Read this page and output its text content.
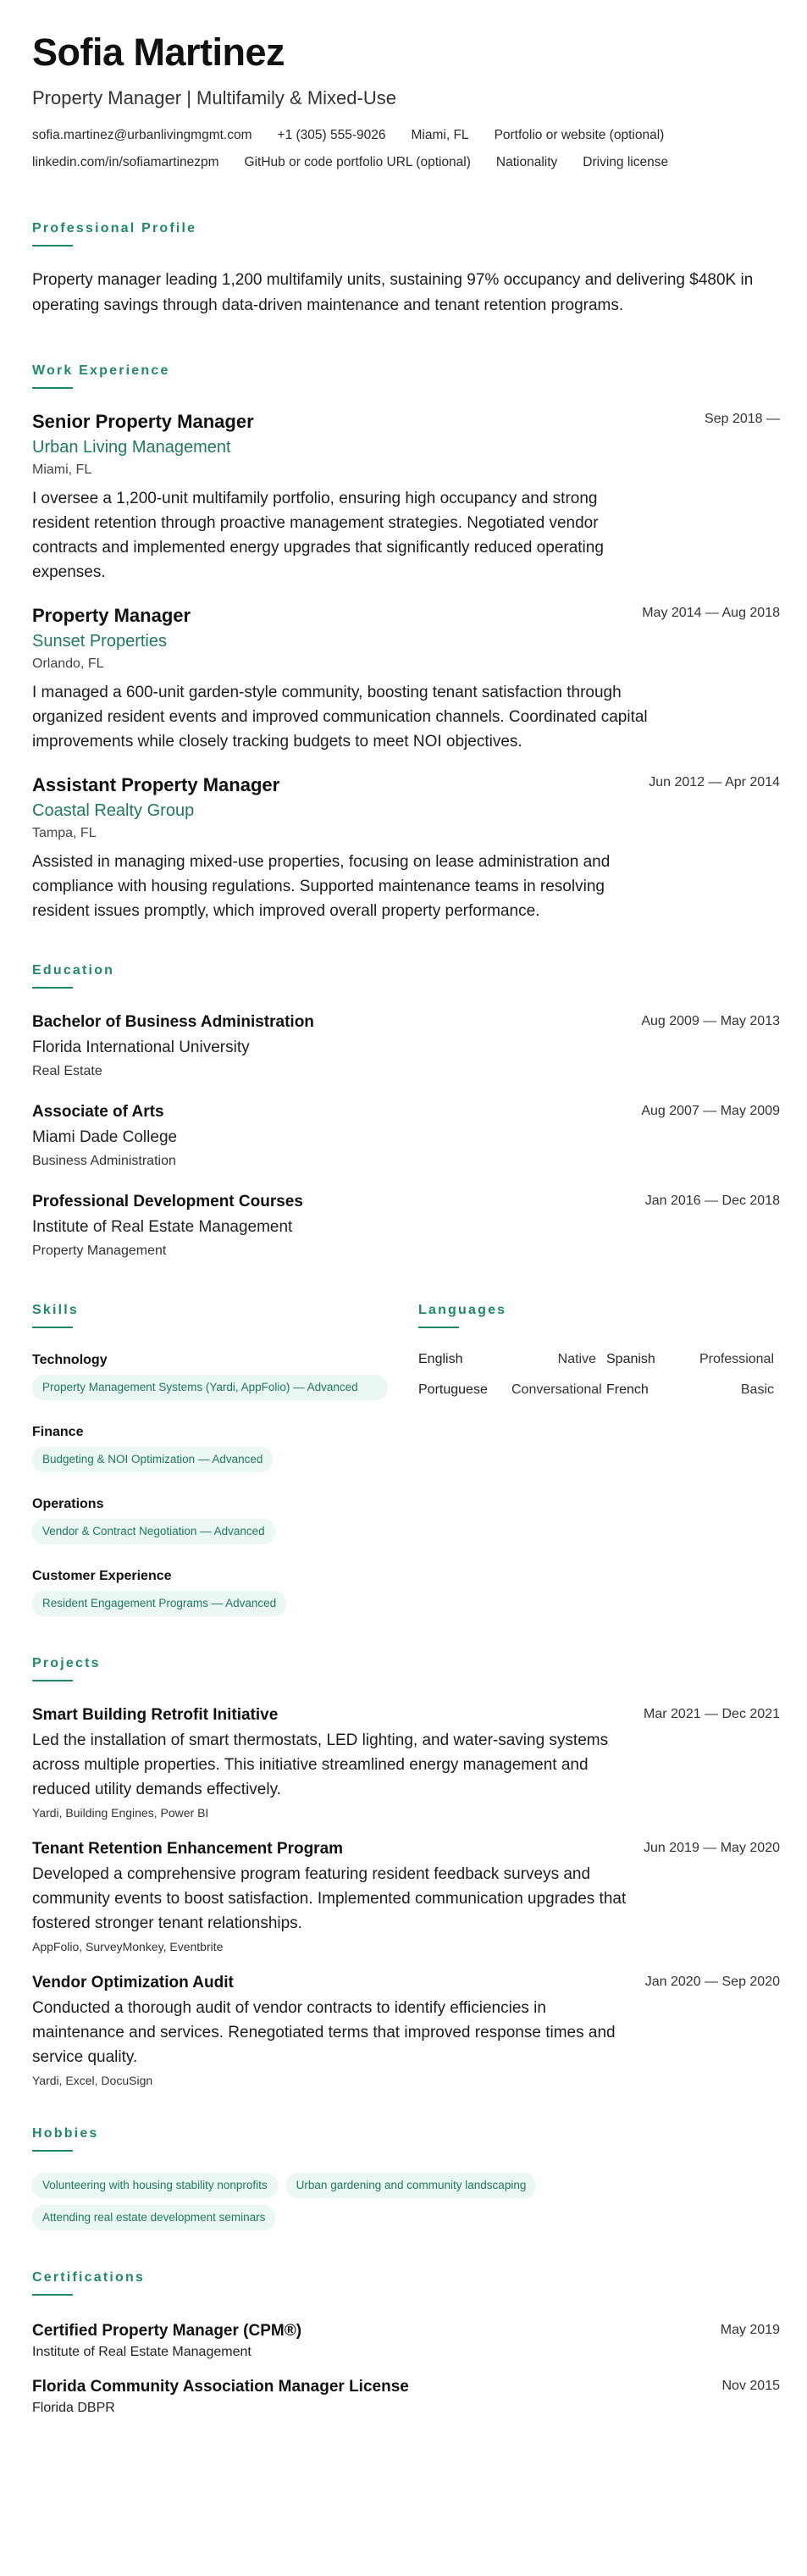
Sofia Martinez
Property Manager | Multifamily & Mixed-Use
sofia.martinez@urbanlivingmgmt.com +1 (305) 555-9026 Miami, FL Portfolio or website (optional)
linkedin.com/in/sofiamartinezpm GitHub or code portfolio URL (optional) Nationality Driving license
Professional Profile

Property manager leading 1,200 multifamily units, sustaining 97% occupancy and delivering $480K in operating savings through data-driven maintenance and tenant retention programs.

Work Experience
Sep 2018 —
Senior Property Manager
Urban Living Management
Miami, FL

I oversee a 1,200-unit multifamily portfolio, ensuring high occupancy and strong resident retention through proactive management strategies. Negotiated vendor contracts and implemented energy upgrades that significantly reduced operating expenses.

May 2014 — Aug 2018
Property Manager
Sunset Properties
Orlando, FL

I managed a 600-unit garden-style community, boosting tenant satisfaction through organized resident events and improved communication channels. Coordinated capital improvements while closely tracking budgets to meet NOI objectives.

Jun 2012 — Apr 2014
Assistant Property Manager
Coastal Realty Group
Tampa, FL

Assisted in managing mixed-use properties, focusing on lease administration and compliance with housing regulations. Supported maintenance teams in resolving resident issues promptly, which improved overall property performance.

Education
Aug 2009 — May 2013
Bachelor of Business Administration
Florida International University
Real Estate
Aug 2007 — May 2009
Associate of Arts
Miami Dade College
Business Administration
Jan 2016 — Dec 2018
Professional Development Courses
Institute of Real Estate Management
Property Management
Skills
Technology
Property Management Systems (Yardi, AppFolio) — Advanced
Finance
Budgeting & NOI Optimization — Advanced
Operations
Vendor & Contract Negotiation — Advanced
Customer Experience
Resident Engagement Programs — Advanced
Languages
English	Native Spanish	Professional
Portuguese	Conversational French	Basic
Projects
Mar 2021 — Dec 2021
Smart Building Retrofit Initiative

Led the installation of smart thermostats, LED lighting, and water-saving systems across multiple properties. This initiative streamlined energy management and reduced utility demands effectively.

Yardi, Building Engines, Power BI
Jun 2019 — May 2020
Tenant Retention Enhancement Program

Developed a comprehensive program featuring resident feedback surveys and community events to boost satisfaction. Implemented communication upgrades that fostered stronger tenant relationships.

AppFolio, SurveyMonkey, Eventbrite
Jan 2020 — Sep 2020
Vendor Optimization Audit

Conducted a thorough audit of vendor contracts to identify efficiencies in maintenance and services. Renegotiated terms that improved response times and service quality.

Yardi, Excel, DocuSign
Hobbies
Volunteering with housing stability nonprofits	Urban gardening and community landscaping
Attending real estate development seminars
Certifications
May 2019
Certified Property Manager (CPM®)
Institute of Real Estate Management
Nov 2015
Florida Community Association Manager License
Florida DBPR
